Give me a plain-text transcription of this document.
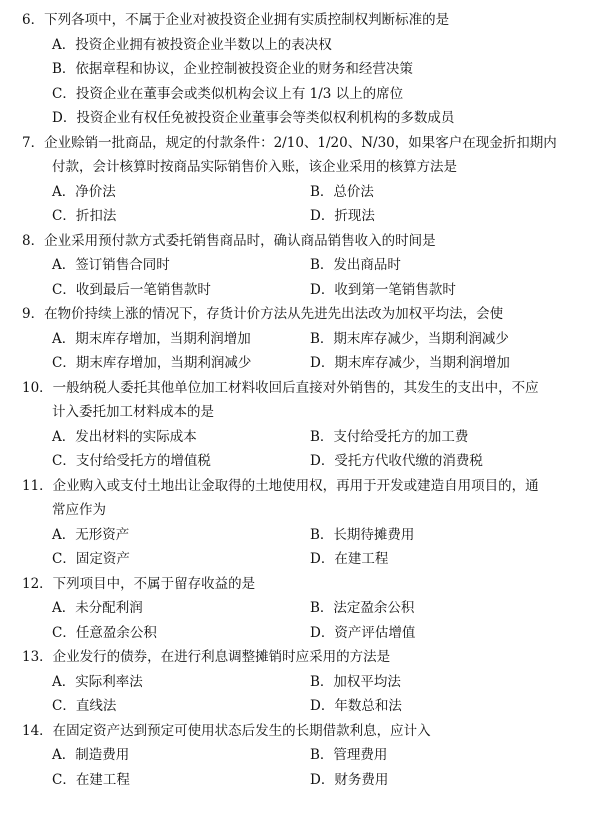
6．下列各项中，不属于企业对被投资企业拥有实质控制权判断标准的是
A．投资企业拥有被投资企业半数以上的表决权
B．依据章程和协议，企业控制被投资企业的财务和经营决策
C．投资企业在董事会或类似机构会议上有 1/3 以上的席位
D．投资企业有权任免被投资企业董事会等类似权利机构的多数成员
7．企业赊销一批商品，规定的付款条件：2/10、1/20、N/30，如果客户在现金折扣期内
付款，会计核算时按商品实际销售价入账，该企业采用的核算方法是
A．净价法	B．总价法
C．折扣法	D．折现法
8．企业采用预付款方式委托销售商品时，确认商品销售收入的时间是
A．签订销售合同时	B．发出商品时
C．收到最后一笔销售款时	D．收到第一笔销售款时
9．在物价持续上涨的情况下，存货计价方法从先进先出法改为加权平均法，会使
A．期末库存增加，当期利润增加	B．期末库存减少，当期利润减少
C．期末库存增加，当期利润减少	D．期末库存减少，当期利润增加
10．一般纳税人委托其他单位加工材料收回后直接对外销售的，其发生的支出中，不应
计入委托加工材料成本的是
A．发出材料的实际成本	B．支付给受托方的加工费
C．支付给受托方的增值税	D．受托方代收代缴的消费税
11．企业购入或支付土地出让金取得的土地使用权，再用于开发或建造自用项目的，通
常应作为
A．无形资产	B．长期待摊费用
C．固定资产	D．在建工程
12．下列项目中，不属于留存收益的是
A．未分配利润	B．法定盈余公积
C．任意盈余公积	D．资产评估增值
13．企业发行的债券，在进行利息调整摊销时应采用的方法是
A．实际利率法	B．加权平均法
C．直线法	D．年数总和法
14．在固定资产达到预定可使用状态后发生的长期借款利息，应计入
A．制造费用	B．管理费用
C．在建工程	D．财务费用
